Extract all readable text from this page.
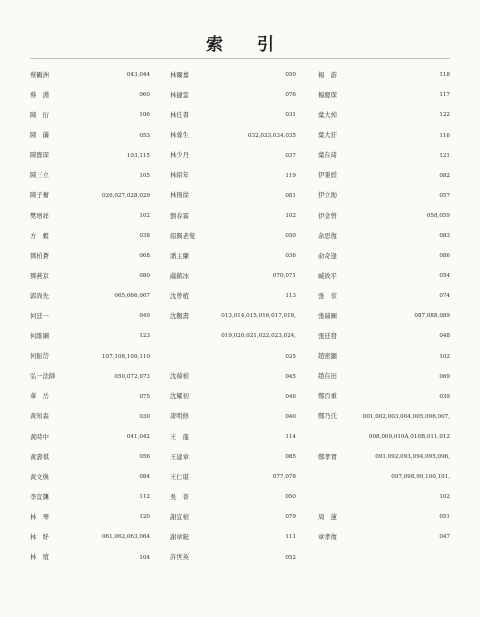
索 引
蔡鶴洲	043,044	林爾嘉	050	楊　游	118
蔡　淵	060	林捷雲	076	楊慶琛	117
陳　衍	106	林任書	031	葉大焯	122
陳　儀	053	林蓉生	032,033,034,035	葉大莊	116
陳寶琛	103,115	林少丹	037	葉在琦	121
陳三立	105	林紹年	119	伊秉綬	082
陳子奮	026,027,028,029	林則徐	081	伊立勛	057
樊增祥	102	劉春霖	102	伊念曾	058,059
方　穀	038	紹興老叟	050	余思復	083
鄧柏蒼	068	潘主蘭	036	俞奇逢	086
鄧燕京	080	薩鎮冰	070,071	臧致平	054
郭尚先	065,066,067	沈曾植	113	張　莖	074
何廷一	049	沈覲壽	013,014,015,016,017,018,	張瑞圖	087,088,089
何維綱	123	019,020,021,022,023,024,	張廷發	048
何振岱	107,108,109,110	025	趙密顯	102
弘一法師	050,072,073	沈葆楨	045	趙在田	069
華　岳	075	沈耀初	046	鄭百重	039
黃知森	030	唐明修	040	鄭乃氏	001,002,003,004,005,006,007,
黃時中	041,042	王　龍	114	008,009,010A,010B,011,012
黃壽祺	056	王建章	085	鄭孝胥	091,092,093,094,095,096,
黃文煥	084	王仁堪	077,078	097,098,99,100,101,
李宣龔	112	吳　菁	050	102
林　琴	120	謝宜楨	079	周　蓮	051
林　紓	061,062,063,064	謝章鋌	111	章孝復	047
林　埴	104	許世英	052
